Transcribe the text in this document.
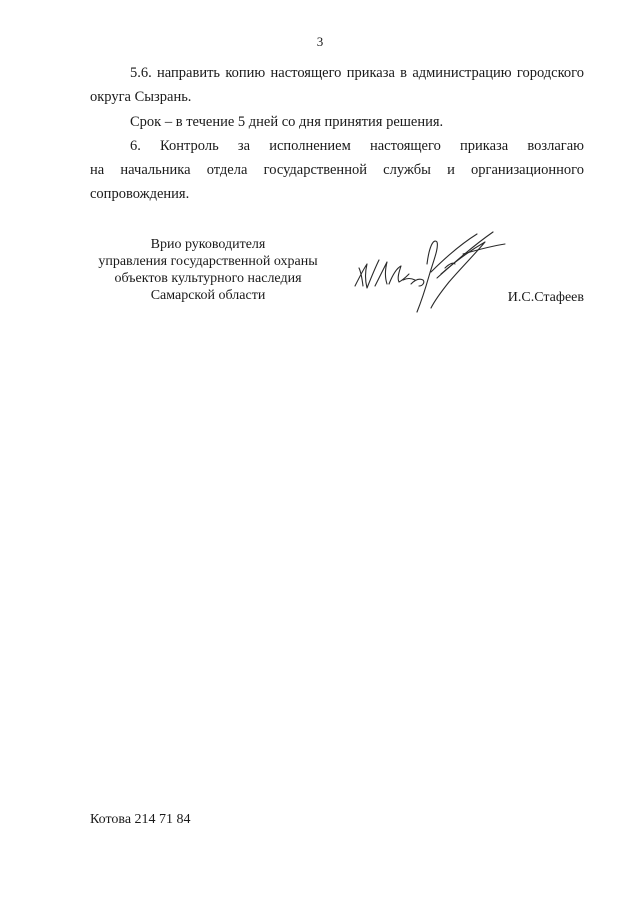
3

5.6. направить копию настоящего приказа в администрацию городского округа Сызрань.

Срок – в течение 5 дней со дня принятия решения.

6. Контроль за исполнением настоящего приказа возлагаю
на начальника отдела государственной службы и организационного
сопровождения.

Врио руководителя
управления государственной охраны
объектов культурного наследия
Самарской области	И.С.Стафеев
Котова 214 71 84
